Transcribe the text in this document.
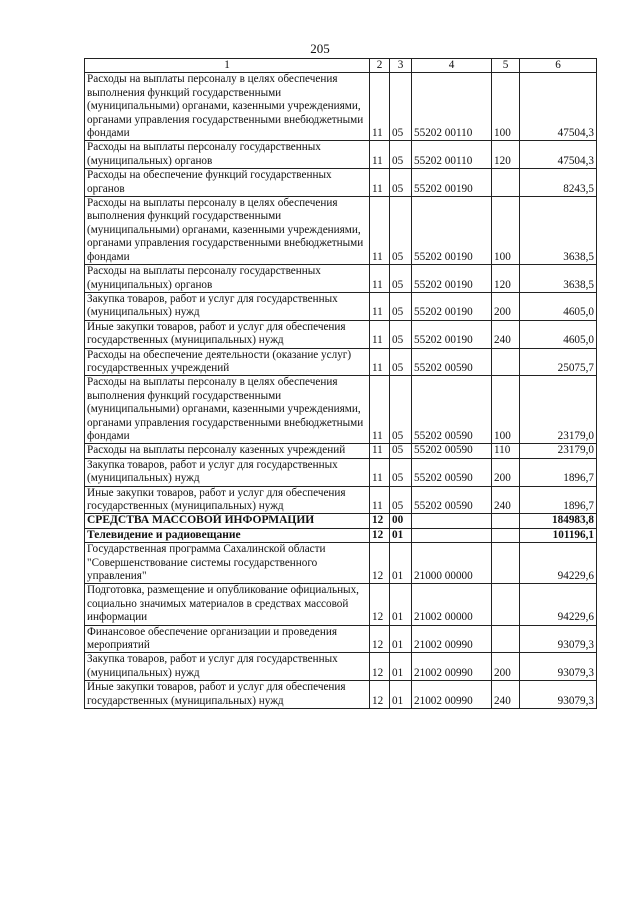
205
1	2	3	4	5	6
Расходы на выплаты персоналу в целях обеспечения выполнения функций государственными (муниципальными) органами, казенными учреждениями, органами управления государственными внебюджетными фондами	11	05	55202 00110	100	47504,3
Расходы на выплаты персоналу государственных (муниципальных) органов	11	05	55202 00110	120	47504,3
Расходы на обеспечение функций государственных органов	11	05	55202 00190		8243,5
Расходы на выплаты персоналу в целях обеспечения выполнения функций государственными (муниципальными) органами, казенными учреждениями, органами управления государственными внебюджетными фондами	11	05	55202 00190	100	3638,5
Расходы на выплаты персоналу государственных (муниципальных) органов	11	05	55202 00190	120	3638,5
Закупка товаров, работ и услуг для государственных (муниципальных) нужд	11	05	55202 00190	200	4605,0
Иные закупки товаров, работ и услуг для обеспечения государственных (муниципальных) нужд	11	05	55202 00190	240	4605,0
Расходы на обеспечение деятельности (оказание услуг) государственных учреждений	11	05	55202 00590		25075,7
Расходы на выплаты персоналу в целях обеспечения выполнения функций государственными (муниципальными) органами, казенными учреждениями, органами управления государственными внебюджетными фондами	11	05	55202 00590	100	23179,0
Расходы на выплаты персоналу казенных учреждений	11	05	55202 00590	110	23179,0
Закупка товаров, работ и услуг для государственных (муниципальных) нужд	11	05	55202 00590	200	1896,7
Иные закупки товаров, работ и услуг для обеспечения государственных (муниципальных) нужд	11	05	55202 00590	240	1896,7
СРЕДСТВА МАССОВОЙ ИНФОРМАЦИИ	12	00			184983,8
Телевидение и радиовещание	12	01			101196,1
Государственная программа Сахалинской области "Совершенствование системы государственного управления"	12	01	21000 00000		94229,6
Подготовка, размещение и опубликование официальных, социально значимых материалов в средствах массовой информации	12	01	21002 00000		94229,6
Финансовое обеспечение организации и проведения мероприятий	12	01	21002 00990		93079,3
Закупка товаров, работ и услуг для государственных (муниципальных) нужд	12	01	21002 00990	200	93079,3
Иные закупки товаров, работ и услуг для обеспечения государственных (муниципальных) нужд	12	01	21002 00990	240	93079,3
